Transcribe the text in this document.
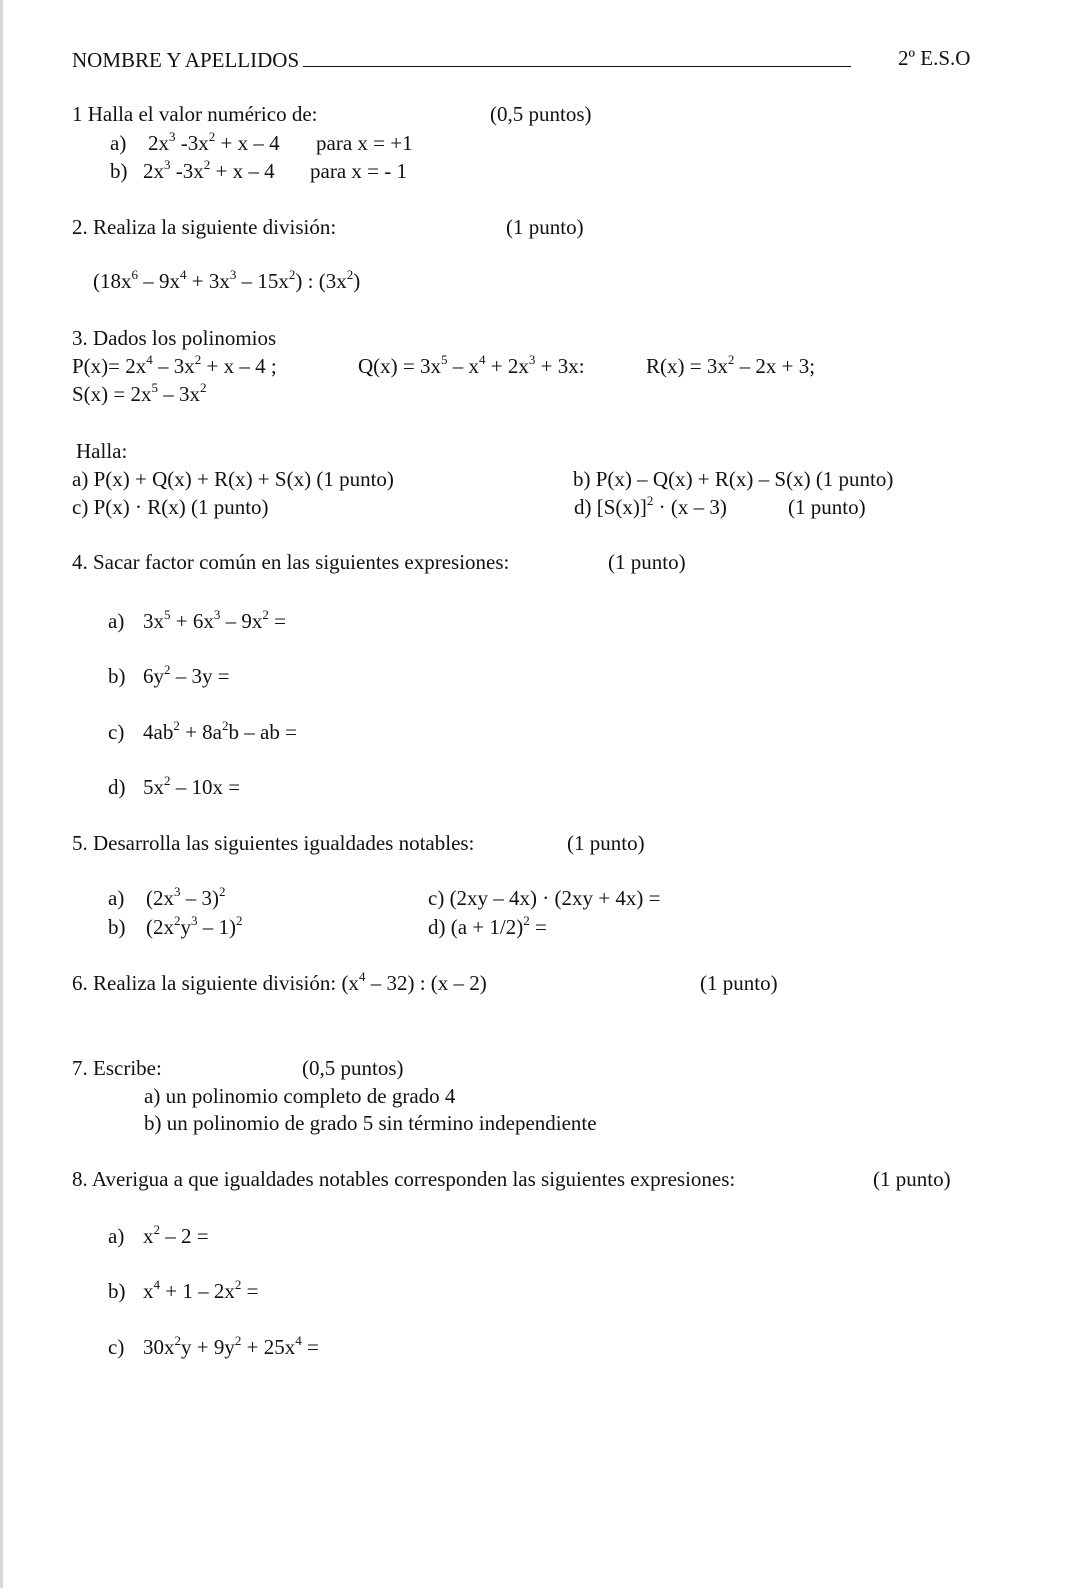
NOMBRE Y APELLIDOS	2º E.S.O
1 Halla el valor numérico de:	(0,5 puntos)
a) $2x^3$ $-3x^2 + x - 4$ para x = +1
b) $2x^3$ $-3x^2 + x - 4$ para x = - 1
2. Realiza la siguiente división:	(1 punto)
$(18x^6 - 9x^4 + 3x^3 - 15x^2)$ : $(3x^2)$
3. Dados los polinomios
$P(x)= 2x^4 - 3x^2 + x - 4$ ;	$Q(x) = 3x^5 - x^4 + 2x^3 + 3x$:	$R(x) = 3x^2 - 2x + 3$;
$S(x) = 2x^5 - 3x^2$
Halla:
a) P(x) + Q(x) + R(x) + S(x) (1 punto)	b) P(x) – Q(x) + R(x) – S(x) (1 punto)
c) P(x) · R(x) (1 punto)	d) $[S(x)]^2 \cdot (x - 3)$	(1 punto)
4. Sacar factor común en las siguientes expresiones:	(1 punto)
a) $3x^5 + 6x^3 - 9x^2$ =
b) $6y^2 - 3y$ =
c) $4ab^2 + 8a^2b$ – ab =
d) $5x^2 - 10x$ =
5. Desarrolla las siguientes igualdades notables:	(1 punto)
a) $(2x^3 - 3)^2$
b) $(2x^2y^3 - 1)^2$
c) (2xy – 4x) · (2xy + 4x) =
d) $(a + 1/2)^2$ =
6. Realiza la siguiente división: $(x^4 - 32)$ : (x – 2)	(1 punto)
7. Escribe:	(0,5 puntos)
a) un polinomio completo de grado 4
b) un polinomio de grado 5 sin término independiente
8. Averigua a que igualdades notables corresponden las siguientes expresiones:	(1 punto)
a) $x^2 - 2$ =
b) $x^4 + 1 - 2x^2$ =
c) $30x^2y + 9y^2 + 25x^4$ =
